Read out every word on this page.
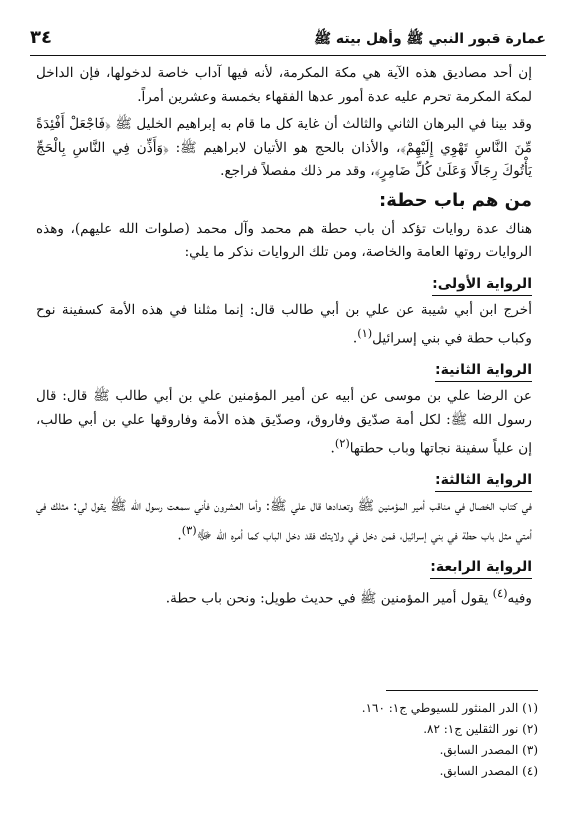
عمارة قبور النبي ﷺ وأهل بيته ﷺ
٣٤

إن أحد مصاديق هذه الآية هي مكة المكرمة، لأنه فيها آداب خاصة لدخولها، فإن الداخل لمكة المكرمة تحرم عليه عدة أمور عدها الفقهاء بخمسة وعشرين أمراً.

وقد بينا في البرهان الثاني والثالث أن غاية كل ما قام به إبراهيم الخليل ﷺ ﴿فَاجْعَلْ أَفْئِدَةً مِّنَ النَّاسِ تَهْوِي إِلَيْهِمْ﴾، والأذان بالحج هو الأتيان لابراهيم ﷺ: ﴿وَأَذِّن فِي النَّاسِ بِالْحَجِّ يَأْتُوكَ رِجَالًا وَعَلَىٰ كُلِّ ضَامِرٍ﴾، وقد مر ذلك مفصلاً فراجع.

من هم باب حطة:

هناك عدة روايات تؤكد أن باب حطة هم محمد وآل محمد (صلوات الله عليهم)، وهذه الروايات روتها العامة والخاصة، ومن تلك الروايات نذكر ما يلي:

الرواية الأولى:

أخرج ابن أبي شيبة عن علي بن أبي طالب قال: إنما مثلنا في هذه الأمة كسفينة نوح وكباب حطة في بني إسرائيل$^{(١)}$.

الرواية الثانية:

عن الرضا علي بن موسى عن أبيه عن أمير المؤمنين علي بن أبي طالب ﷺ قال: قال رسول الله ﷺ: لكل أمة صدّيق وفاروق، وصدّيق هذه الأمة وفاروقها علي بن أبي طالب، إن علياً سفينة نجاتها وباب حطتها$^{(٢)}$.

الرواية الثالثة:

في كتاب الخصال في مناقب أمير المؤمنين ﷺ وتعدادها قال علي ﷺ: وأما العشرون فأني سمعت رسول الله ﷺ يقول لي: مثلك في أمتي مثل باب حطة في بني إسرائيل، فمن دخل في ولايتك فقد دخل الباب كما أمره الله ﷻ$^{(٣)}$.

الرواية الرابعة:

وفيه$^{(٤)}$ يقول أمير المؤمنين ﷺ في حديث طويل: ونحن باب حطة.

(١) الدر المنثور للسيوطي ج١: ١٦٠.
(٢) نور الثقلين ج١: ٨٢.
(٣) المصدر السابق.
(٤) المصدر السابق.
